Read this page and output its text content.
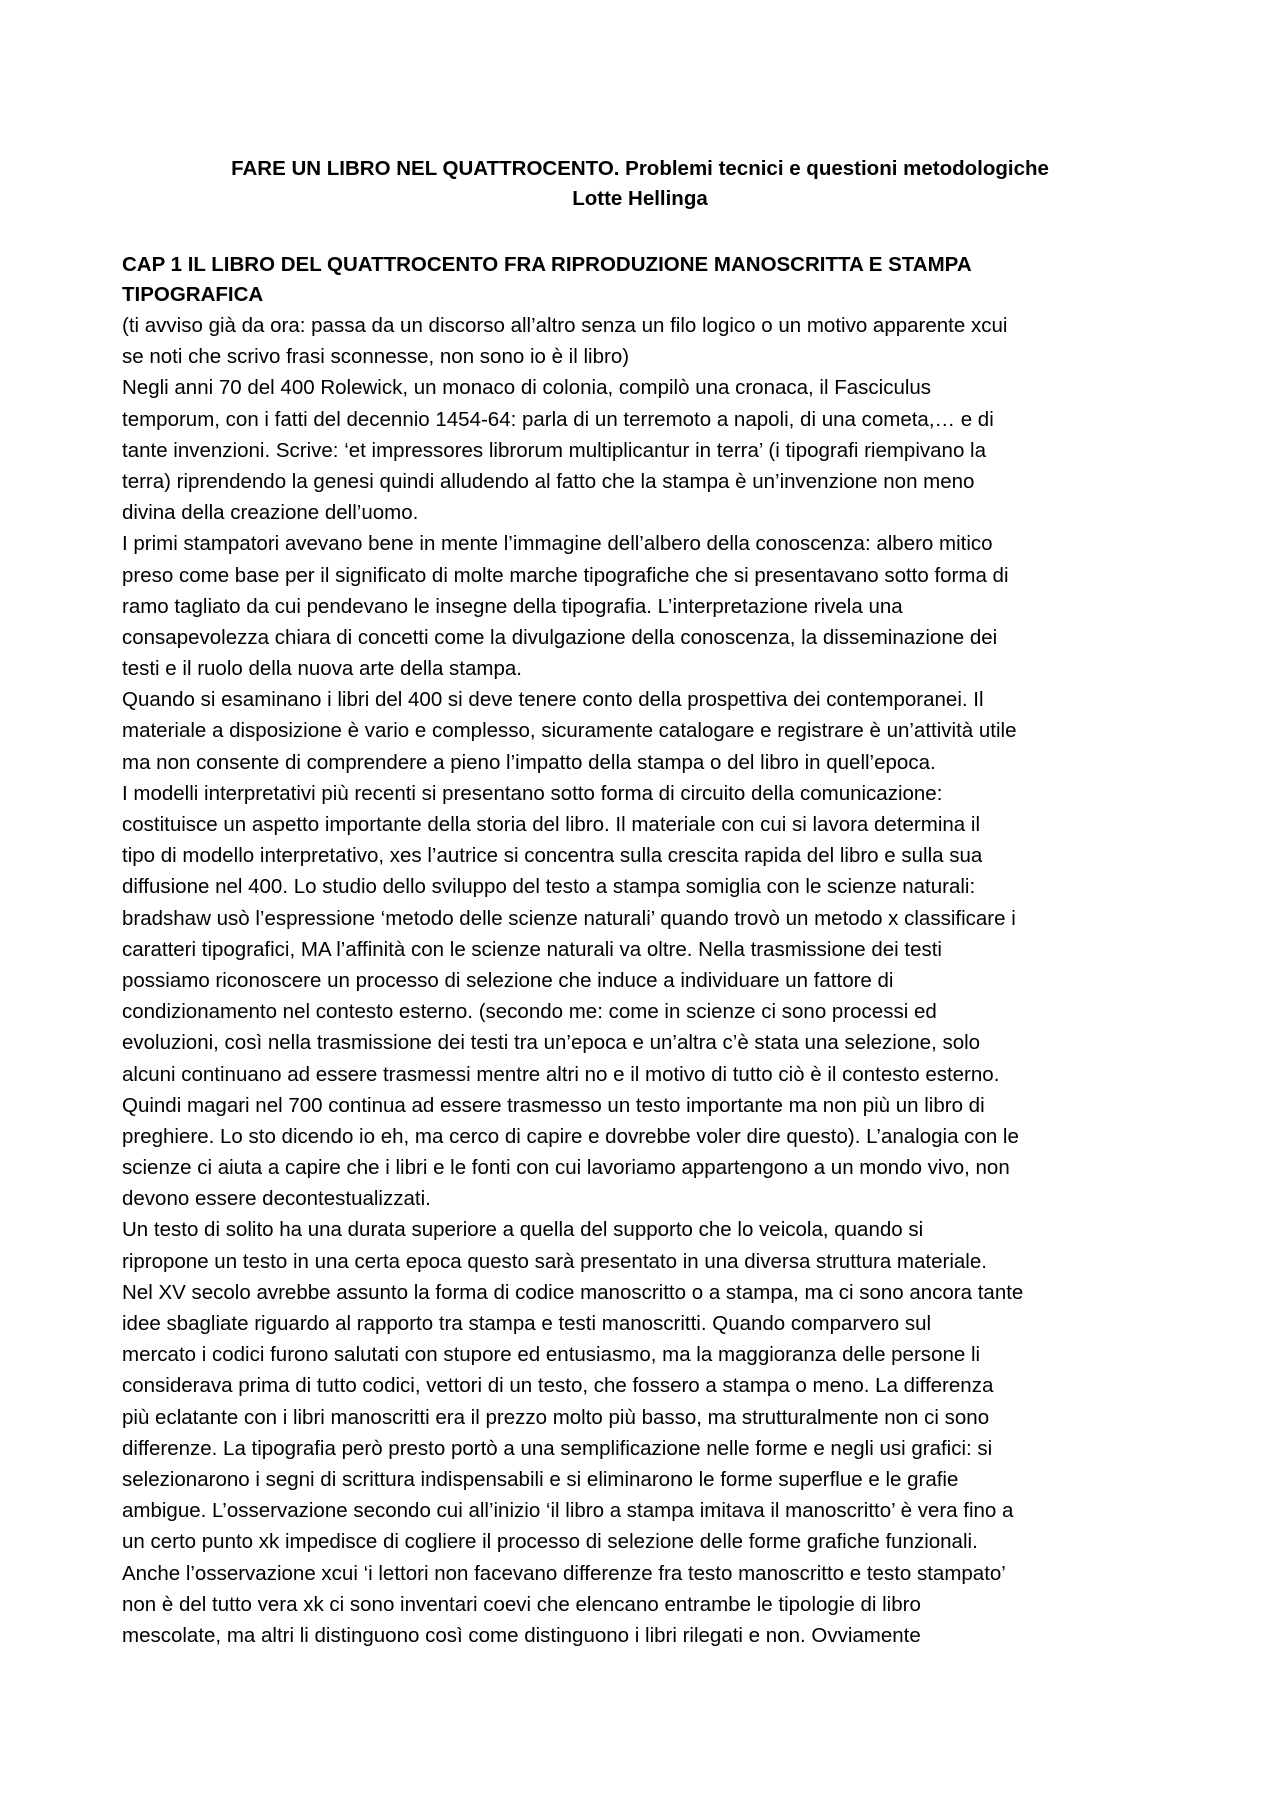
FARE UN LIBRO NEL QUATTROCENTO. Problemi tecnici e questioni metodologiche
Lotte Hellinga
CAP 1 IL LIBRO DEL QUATTROCENTO FRA RIPRODUZIONE MANOSCRITTA E STAMPA
TIPOGRAFICA
(ti avviso già da ora: passa da un discorso all’altro senza un filo logico o un motivo apparente xcui
se noti che scrivo frasi sconnesse, non sono io è il libro)
Negli anni 70 del 400 Rolewick, un monaco di colonia, compilò una cronaca, il Fasciculus
temporum, con i fatti del decennio 1454-64: parla di un terremoto a napoli, di una cometa,… e di
tante invenzioni. Scrive: ‘et impressores librorum multiplicantur in terra’ (i tipografi riempivano la
terra) riprendendo la genesi quindi alludendo al fatto che la stampa è un’invenzione non meno
divina della creazione dell’uomo.
I primi stampatori avevano bene in mente l’immagine dell’albero della conoscenza: albero mitico
preso come base per il significato di molte marche tipografiche che si presentavano sotto forma di
ramo tagliato da cui pendevano le insegne della tipografia. L’interpretazione rivela una
consapevolezza chiara di concetti come la divulgazione della conoscenza, la disseminazione dei
testi e il ruolo della nuova arte della stampa.
Quando si esaminano i libri del 400 si deve tenere conto della prospettiva dei contemporanei. Il
materiale a disposizione è vario e complesso, sicuramente catalogare e registrare è un’attività utile
ma non consente di comprendere a pieno l’impatto della stampa o del libro in quell’epoca.
I modelli interpretativi più recenti si presentano sotto forma di circuito della comunicazione:
costituisce un aspetto importante della storia del libro. Il materiale con cui si lavora determina il
tipo di modello interpretativo, xes l’autrice si concentra sulla crescita rapida del libro e sulla sua
diffusione nel 400. Lo studio dello sviluppo del testo a stampa somiglia con le scienze naturali:
bradshaw usò l’espressione ‘metodo delle scienze naturali’ quando trovò un metodo x classificare i
caratteri tipografici, MA l’affinità con le scienze naturali va oltre. Nella trasmissione dei testi
possiamo riconoscere un processo di selezione che induce a individuare un fattore di
condizionamento nel contesto esterno. (secondo me: come in scienze ci sono processi ed
evoluzioni, così nella trasmissione dei testi tra un’epoca e un’altra c’è stata una selezione, solo
alcuni continuano ad essere trasmessi mentre altri no e il motivo di tutto ciò è il contesto esterno.
Quindi magari nel 700 continua ad essere trasmesso un testo importante ma non più un libro di
preghiere. Lo sto dicendo io eh, ma cerco di capire e dovrebbe voler dire questo). L’analogia con le
scienze ci aiuta a capire che i libri e le fonti con cui lavoriamo appartengono a un mondo vivo, non
devono essere decontestualizzati.
Un testo di solito ha una durata superiore a quella del supporto che lo veicola, quando si
ripropone un testo in una certa epoca questo sarà presentato in una diversa struttura materiale.
Nel XV secolo avrebbe assunto la forma di codice manoscritto o a stampa, ma ci sono ancora tante
idee sbagliate riguardo al rapporto tra stampa e testi manoscritti. Quando comparvero sul
mercato i codici furono salutati con stupore ed entusiasmo, ma la maggioranza delle persone li
considerava prima di tutto codici, vettori di un testo, che fossero a stampa o meno. La differenza
più eclatante con i libri manoscritti era il prezzo molto più basso, ma strutturalmente non ci sono
differenze. La tipografia però presto portò a una semplificazione nelle forme e negli usi grafici: si
selezionarono i segni di scrittura indispensabili e si eliminarono le forme superflue e le grafie
ambigue. L’osservazione secondo cui all’inizio ‘il libro a stampa imitava il manoscritto’ è vera fino a
un certo punto xk impedisce di cogliere il processo di selezione delle forme grafiche funzionali.
Anche l’osservazione xcui ‘i lettori non facevano differenze fra testo manoscritto e testo stampato’
non è del tutto vera xk ci sono inventari coevi che elencano entrambe le tipologie di libro
mescolate, ma altri li distinguono così come distinguono i libri rilegati e non. Ovviamente
